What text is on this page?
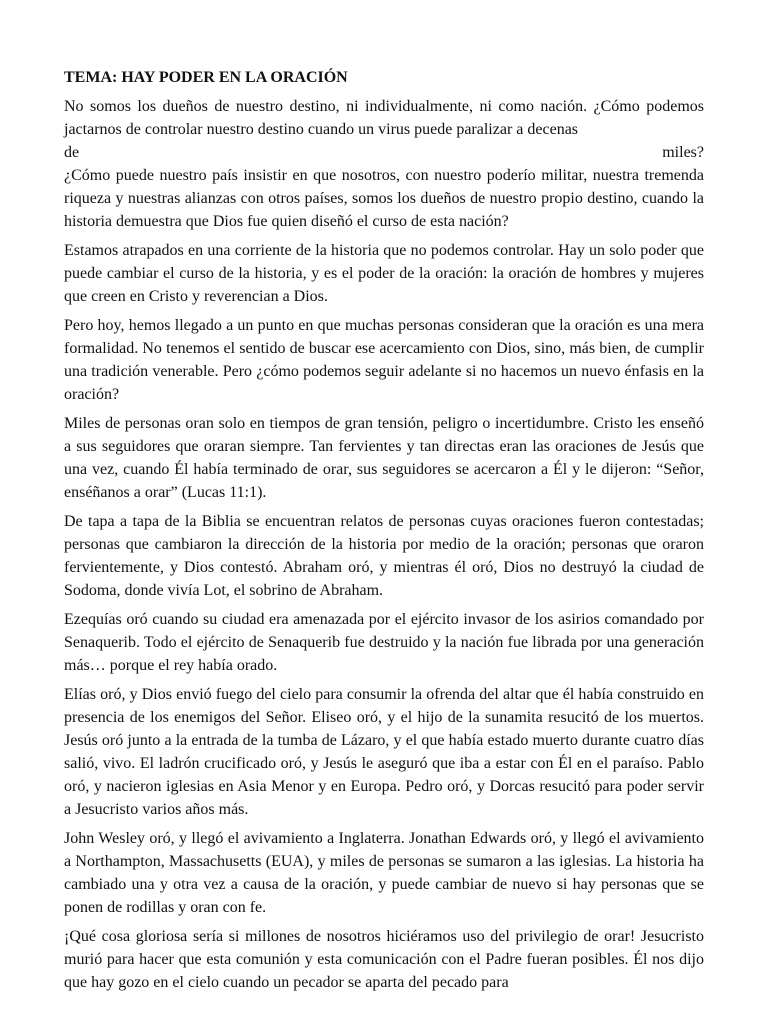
TEMA: HAY PODER EN LA ORACIÓN
No somos los dueños de nuestro destino, ni individualmente, ni como nación. ¿Cómo podemos jactarnos de controlar nuestro destino cuando un virus puede paralizar a decenas
de	miles?
¿Cómo puede nuestro país insistir en que nosotros, con nuestro poderío militar, nuestra tremenda riqueza y nuestras alianzas con otros países, somos los dueños de nuestro propio destino, cuando la historia demuestra que Dios fue quien diseñó el curso de esta nación?
Estamos atrapados en una corriente de la historia que no podemos controlar. Hay un solo poder que puede cambiar el curso de la historia, y es el poder de la oración: la oración de hombres y mujeres que creen en Cristo y reverencian a Dios.
Pero hoy, hemos llegado a un punto en que muchas personas consideran que la oración es una mera formalidad. No tenemos el sentido de buscar ese acercamiento con Dios, sino, más bien, de cumplir una tradición venerable. Pero ¿cómo podemos seguir adelante si no hacemos un nuevo énfasis en la oración?
Miles de personas oran solo en tiempos de gran tensión, peligro o incertidumbre. Cristo les enseñó a sus seguidores que oraran siempre. Tan fervientes y tan directas eran las oraciones de Jesús que una vez, cuando Él había terminado de orar, sus seguidores se acercaron a Él y le dijeron: “Señor, enséñanos a orar” (Lucas 11:1).
De tapa a tapa de la Biblia se encuentran relatos de personas cuyas oraciones fueron contestadas; personas que cambiaron la dirección de la historia por medio de la oración; personas que oraron fervientemente, y Dios contestó. Abraham oró, y mientras él oró, Dios no destruyó la ciudad de Sodoma, donde vivía Lot, el sobrino de Abraham.
Ezequías oró cuando su ciudad era amenazada por el ejército invasor de los asirios comandado por Senaquerib. Todo el ejército de Senaquerib fue destruido y la nación fue librada por una generación más… porque el rey había orado.
Elías oró, y Dios envió fuego del cielo para consumir la ofrenda del altar que él había construido en presencia de los enemigos del Señor. Eliseo oró, y el hijo de la sunamita resucitó de los muertos. Jesús oró junto a la entrada de la tumba de Lázaro, y el que había estado muerto durante cuatro días salió, vivo. El ladrón crucificado oró, y Jesús le aseguró que iba a estar con Él en el paraíso. Pablo oró, y nacieron iglesias en Asia Menor y en Europa. Pedro oró, y Dorcas resucitó para poder servir a Jesucristo varios años más.
John Wesley oró, y llegó el avivamiento a Inglaterra. Jonathan Edwards oró, y llegó el avivamiento a Northampton, Massachusetts (EUA), y miles de personas se sumaron a las iglesias. La historia ha cambiado una y otra vez a causa de la oración, y puede cambiar de nuevo si hay personas que se ponen de rodillas y oran con fe.
¡Qué cosa gloriosa sería si millones de nosotros hiciéramos uso del privilegio de orar! Jesucristo murió para hacer que esta comunión y esta comunicación con el Padre fueran posibles. Él nos dijo que hay gozo en el cielo cuando un pecador se aparta del pecado para
